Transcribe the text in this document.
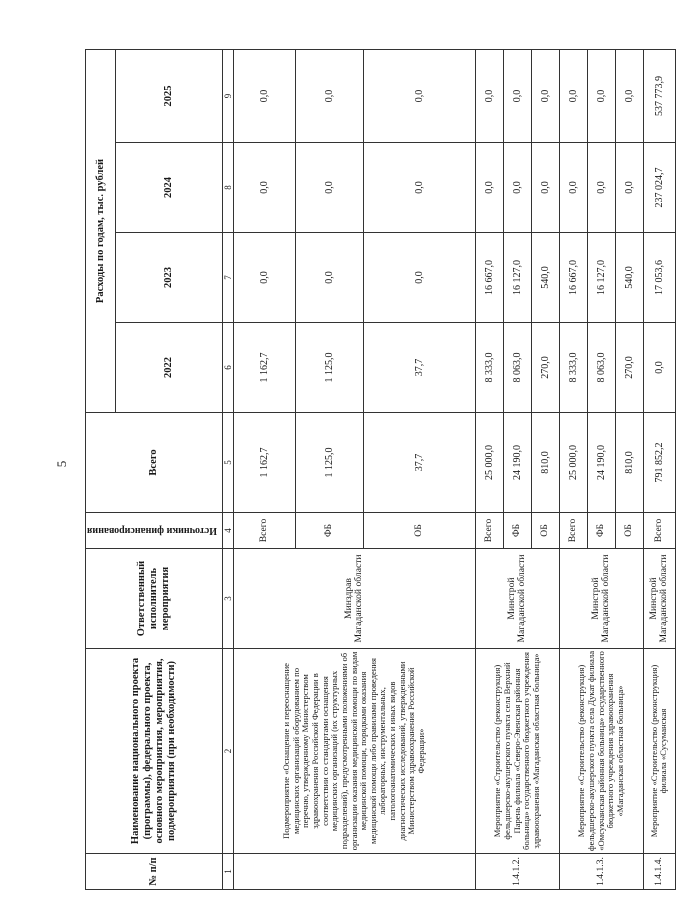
5
№ п/п	Наименование национального проекта (программы), федерального проекта, основного мероприятия, мероприятия, подмероприятия (при необходимости)	Ответственный исполнитель мероприятия	Источники финансирования	Всего	Расходы по годам, тыс. рублей			
					2022	2023	2024	2025
1	2	3	4	5	6	7	8	9
	Подмероприятие «Оснащение и переоснащение медицинских организаций оборудованием по перечню, утвержденному Министерством здравоохранения Российской Федерации в соответствии со стандартами оснащения медицинских организаций (их структурных подразделений), предусмотренными положениями об организации оказания медицинской помощи по видам медицинской помощи, порядками оказания медицинской помощи либо правилами проведения лабораторных, инструментальных, патологоанатомических и иных видов диагностических исследований, утвержденными Министерством здравоохранения Российской Федерации»	Минздрав Магаданской области	Всего	1 162,7	1 162,7	0,0	0,0	0,0
			ФБ	1 125,0	1 125,0	0,0	0,0	0,0
			ОБ	37,7	37,7	0,0	0,0	0,0
1.4.1.2.	Мероприятие «Строительство (реконструкция) фельдшерско-акушерского пункта села Верхний Парень филиала «Северо-Эвенская районная больница» государственного бюджетного учреждения здравоохранения «Магаданская областная больница»	Минстрой Магаданской области	Всего	25 000,0	8 333,0	16 667,0	0,0	0,0
			ФБ	24 190,0	8 063,0	16 127,0	0,0	0,0
			ОБ	810,0	270,0	540,0	0,0	0,0
1.4.1.3.	Мероприятие «Строительство (реконструкция) фельдшерско-акушерского пункта села Дукат филиала «Омсукчанская районная больница» государственного бюджетного учреждения здравоохранения «Магаданская областная больница»	Минстрой Магаданской области	Всего	25 000,0	8 333,0	16 667,0	0,0	0,0
			ФБ	24 190,0	8 063,0	16 127,0	0,0	0,0
			ОБ	810,0	270,0	540,0	0,0	0,0
1.4.1.4.	Мероприятие «Строительство (реконструкция) филиала «Сусуманская	Минстрой Магаданской области	Всего	791 852,2	0,0	17 053,6	237 024,7	537 773,9
